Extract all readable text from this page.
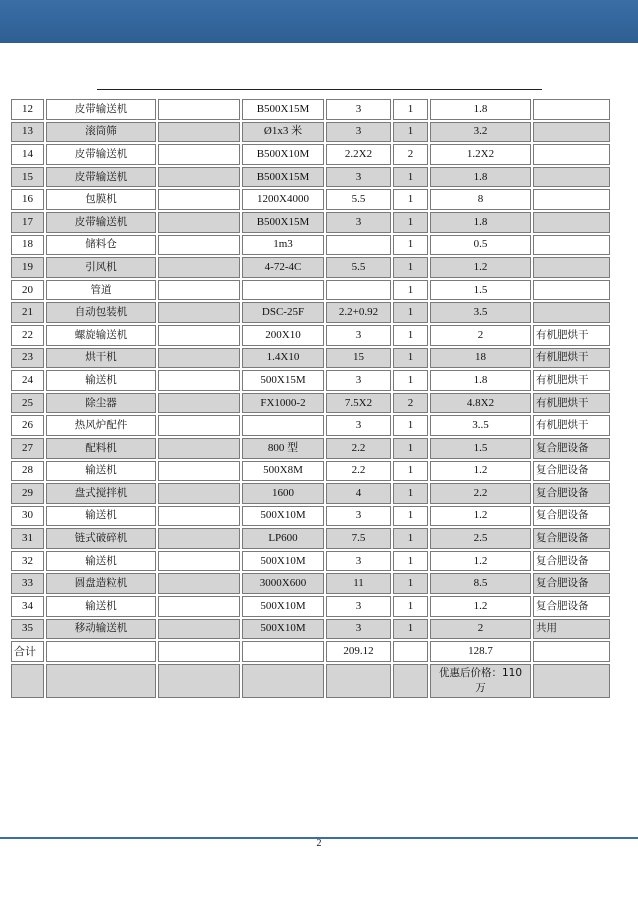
12	皮带输送机		B500X15M	3	1	1.8	
13	滚筒筛		Ø1x3 米	3	1	3.2	
14	皮带输送机		B500X10M	2.2X2	2	1.2X2	
15	皮带输送机		B500X15M	3	1	1.8	
16	包膜机		1200X4000	5.5	1	8	
17	皮带输送机		B500X15M	3	1	1.8	
18	储料仓		1m3		1	0.5	
19	引风机		4-72-4C	5.5	1	1.2	
20	管道				1	1.5	
21	自动包装机		DSC-25F	2.2+0.92	1	3.5	
22	螺旋输送机		200X10	3	1	2	有机肥烘干
23	烘干机		1.4X10	15	1	18	有机肥烘干
24	输送机		500X15M	3	1	1.8	有机肥烘干
25	除尘器		FX1000-2	7.5X2	2	4.8X2	有机肥烘干
26	热风炉配件			3	1	3..5	有机肥烘干
27	配料机		800 型	2.2	1	1.5	复合肥设备
28	输送机		500X8M	2.2	1	1.2	复合肥设备
29	盘式搅拌机		1600	4	1	2.2	复合肥设备
30	输送机		500X10M	3	1	1.2	复合肥设备
31	链式破碎机		LP600	7.5	1	2.5	复合肥设备
32	输送机		500X10M	3	1	1.2	复合肥设备
33	圆盘造粒机		3000X600	11	1	8.5	复合肥设备
34	输送机		500X10M	3	1	1.2	复合肥设备
35	移动输送机		500X10M	3	1	2	共用
合计				209.12		128.7	
						优惠后价格：110 万	
2
